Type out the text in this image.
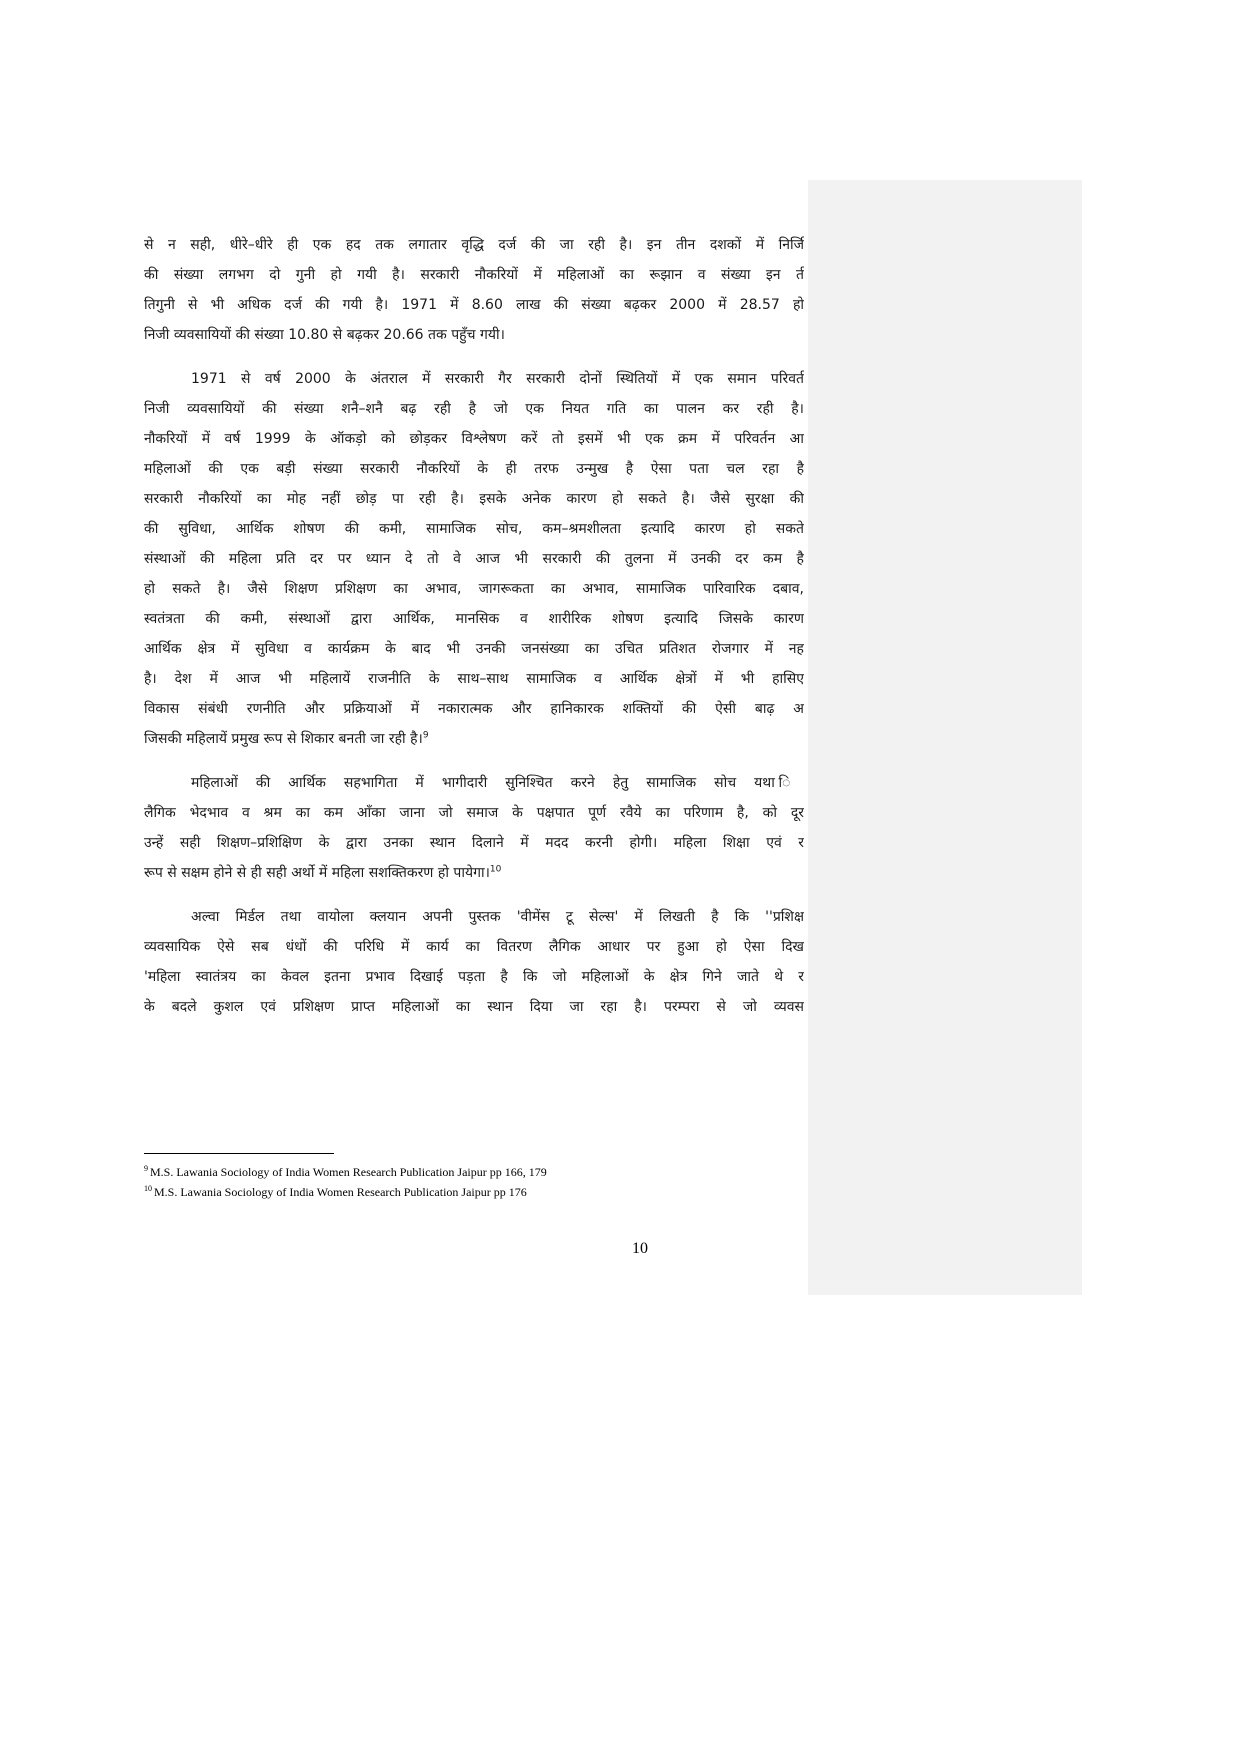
से न सही, धीरे–धीरे ही एक हद तक लगातार वृद्धि दर्ज की जा रही है। इन तीन दशकों में निर्जि
की संख्या लगभग दो गुनी हो गयी है। सरकारी नौकरियों में महिलाओं का रूझान व संख्या इन र्त
तिगुनी से भी अधिक दर्ज की गयी है। 1971 में 8.60 लाख की संख्या बढ़कर 2000 में 28.57 हो
निजी व्यवसायियों की संख्या 10.80 से बढ़कर 20.66 तक पहुँच गयी।

1971 से वर्ष 2000 के अंतराल में सरकारी गैर सरकारी दोनों स्थितियों में एक समान परिवर्त
निजी व्यवसायियों की संख्या शनै–शनै बढ़ रही है जो एक नियत गति का पालन कर रही है।
नौकरियों में वर्ष 1999 के ऑकड़ो को छोड़कर विश्लेषण करें तो इसमें भी एक क्रम में परिवर्तन आ
महिलाओं की एक बड़ी संख्या सरकारी नौकरियों के ही तरफ उन्मुख है ऐसा पता चल रहा है
सरकारी नौकरियों का मोह नहीं छोड़ पा रही है। इसके अनेक कारण हो सकते है। जैसे सुरक्षा की
की सुविधा, आर्थिक शोषण की कमी, सामाजिक सोच, कम–श्रमशीलता इत्यादि कारण हो सकते
संस्थाओं की महिला प्रति दर पर ध्यान दे तो वे आज भी सरकारी की तुलना में उनकी दर कम है
हो सकते है। जैसे शिक्षण प्रशिक्षण का अभाव, जागरूकता का अभाव, सामाजिक पारिवारिक दबाव,
स्वतंत्रता की कमी, संस्थाओं द्वारा आर्थिक, मानसिक व शारीरिक शोषण इत्यादि जिसके कारण
आर्थिक क्षेत्र में सुविधा व कार्यक्रम के बाद भी उनकी जनसंख्या का उचित प्रतिशत रोजगार में नह
है। देश में आज भी महिलायें राजनीति के साथ–साथ सामाजिक व आर्थिक क्षेत्रों में भी हासिए
विकास संबंधी रणनीति और प्रक्रियाओं में नकारात्मक और हानिकारक शक्तियों की ऐसी बाढ़ अ
जिसकी महिलायें प्रमुख रूप से शिकार बनती जा रही है।$^9$

महिलाओं की आर्थिक सहभागिता में भागीदारी सुनिश्चित करने हेतु सामाजिक सोच यथा ि
लैगिक भेदभाव व श्रम का कम आँका जाना जो समाज के पक्षपात पूर्ण रवैये का परिणाम है, को दूर
उन्हें सही शिक्षण–प्रशिक्षिण के द्वारा उनका स्थान दिलाने में मदद करनी होगी। महिला शिक्षा एवं र
रूप से सक्षम होने से ही सही अर्थो में महिला सशक्तिकरण हो पायेगा।$^{10}$

अल्वा मिर्डल तथा वायोला क्लयान अपनी पुस्तक 'वीमेंस टू सेल्स' में लिखती है कि ''प्रशिक्ष
व्यवसायिक ऐसे सब धंधों की परिधि में कार्य का वितरण लैगिक आधार पर हुआ हो ऐसा दिख
'महिला स्वातंत्रय का केवल इतना प्रभाव दिखाई पड़ता है कि जो महिलाओं के क्षेत्र गिने जाते थे र
के बदले कुशल एवं प्रशिक्षण प्राप्त महिलाओं का स्थान दिया जा रहा है। परम्परा से जो व्यवस

$^9$ M.S. Lawania Sociology of India Women Research Publication Jaipur pp 166, 179
$^{10}$ M.S. Lawania Sociology of India Women Research Publication Jaipur pp 176
10
